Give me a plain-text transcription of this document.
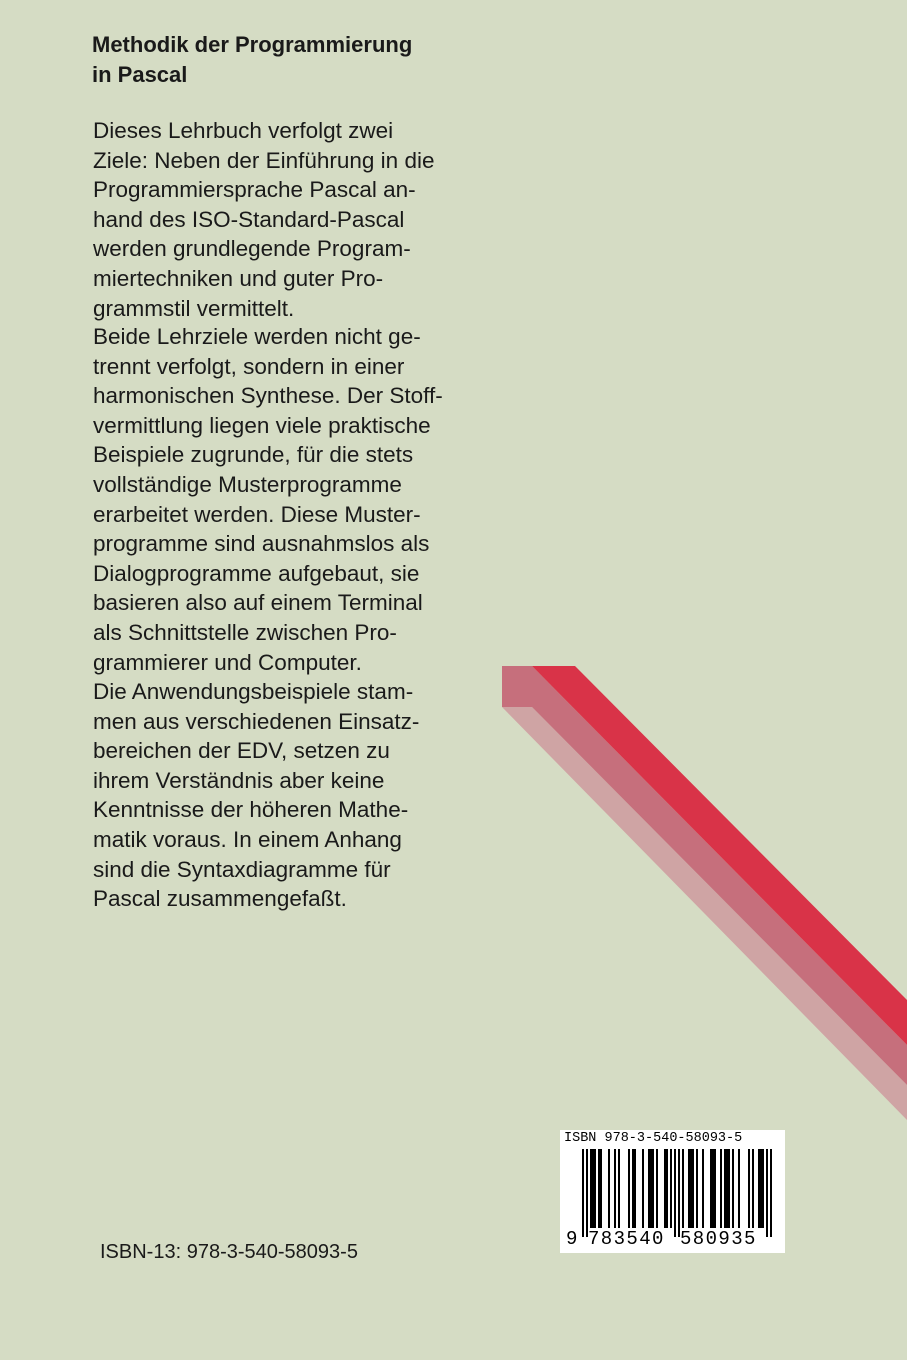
Methodik der Programmierung
in Pascal
Dieses Lehrbuch verfolgt zwei
Ziele: Neben der Einführung in die
Programmiersprache Pascal an-
hand des ISO-Standard-Pascal
werden grundlegende Program-
miertechniken und guter Pro-
grammstil vermittelt.
Beide Lehrziele werden nicht ge-
trennt verfolgt, sondern in einer
harmonischen Synthese. Der Stoff-
vermittlung liegen viele praktische
Beispiele zugrunde, für die stets
vollständige Musterprogramme
erarbeitet werden. Diese Muster-
programme sind ausnahmslos als
Dialogprogramme aufgebaut, sie
basieren also auf einem Terminal
als Schnittstelle zwischen Pro-
grammierer und Computer.
Die Anwendungsbeispiele stam-
men aus verschiedenen Einsatz-
bereichen der EDV, setzen zu
ihrem Verständnis aber keine
Kenntnisse der höheren Mathe-
matik voraus. In einem Anhang
sind die Syntaxdiagramme für
Pascal zusammengefaßt.
ISBN 978-3-540-58093-5
9 783540 580935
ISBN-13: 978-3-540-58093-5
